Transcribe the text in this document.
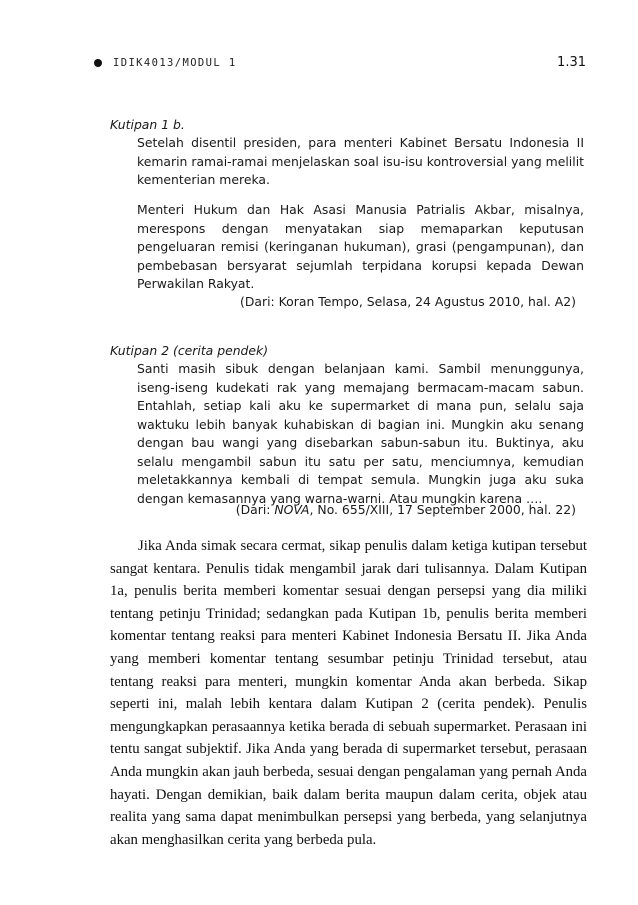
IDIK4013/MODUL 1	1.31
Kutipan 1 b.

Setelah disentil presiden, para menteri Kabinet Bersatu Indonesia II kemarin ramai-ramai menjelaskan soal isu-isu kontroversial yang melilit kementerian mereka.

Menteri Hukum dan Hak Asasi Manusia Patrialis Akbar, misalnya, merespons dengan menyatakan siap memaparkan keputusan pengeluaran remisi (keringanan hukuman), grasi (pengampunan), dan pembebasan bersyarat sejumlah terpidana korupsi kepada Dewan Perwakilan Rakyat.

(Dari: Koran Tempo, Selasa, 24 Agustus 2010, hal. A2)
Kutipan 2 (cerita pendek)

Santi masih sibuk dengan belanjaan kami. Sambil menunggunya, iseng-iseng kudekati rak yang memajang bermacam-macam sabun. Entahlah, setiap kali aku ke supermarket di mana pun, selalu saja waktuku lebih banyak kuhabiskan di bagian ini. Mungkin aku senang dengan bau wangi yang disebarkan sabun-sabun itu. Buktinya, aku selalu mengambil sabun itu satu per satu, menciumnya, kemudian meletakkannya kembali di tempat semula. Mungkin juga aku suka dengan kemasannya yang warna-warni. Atau mungkin karena ….

(Dari: NOVA, No. 655/XIII, 17 September 2000, hal. 22)

Jika Anda simak secara cermat, sikap penulis dalam ketiga kutipan tersebut sangat kentara. Penulis tidak mengambil jarak dari tulisannya. Dalam Kutipan 1a, penulis berita memberi komentar sesuai dengan persepsi yang dia miliki tentang petinju Trinidad; sedangkan pada Kutipan 1b, penulis berita memberi komentar tentang reaksi para menteri Kabinet Indonesia Bersatu II. Jika Anda yang memberi komentar tentang sesumbar petinju Trinidad tersebut, atau tentang reaksi para menteri, mungkin komentar Anda akan berbeda. Sikap seperti ini, malah lebih kentara dalam Kutipan 2 (cerita pendek). Penulis mengungkapkan perasaannya ketika berada di sebuah supermarket. Perasaan ini tentu sangat subjektif. Jika Anda yang berada di supermarket tersebut, perasaan Anda mungkin akan jauh berbeda, sesuai dengan pengalaman yang pernah Anda hayati. Dengan demikian, baik dalam berita maupun dalam cerita, objek atau realita yang sama dapat menimbulkan persepsi yang berbeda, yang selanjutnya akan menghasilkan cerita yang berbeda pula.
